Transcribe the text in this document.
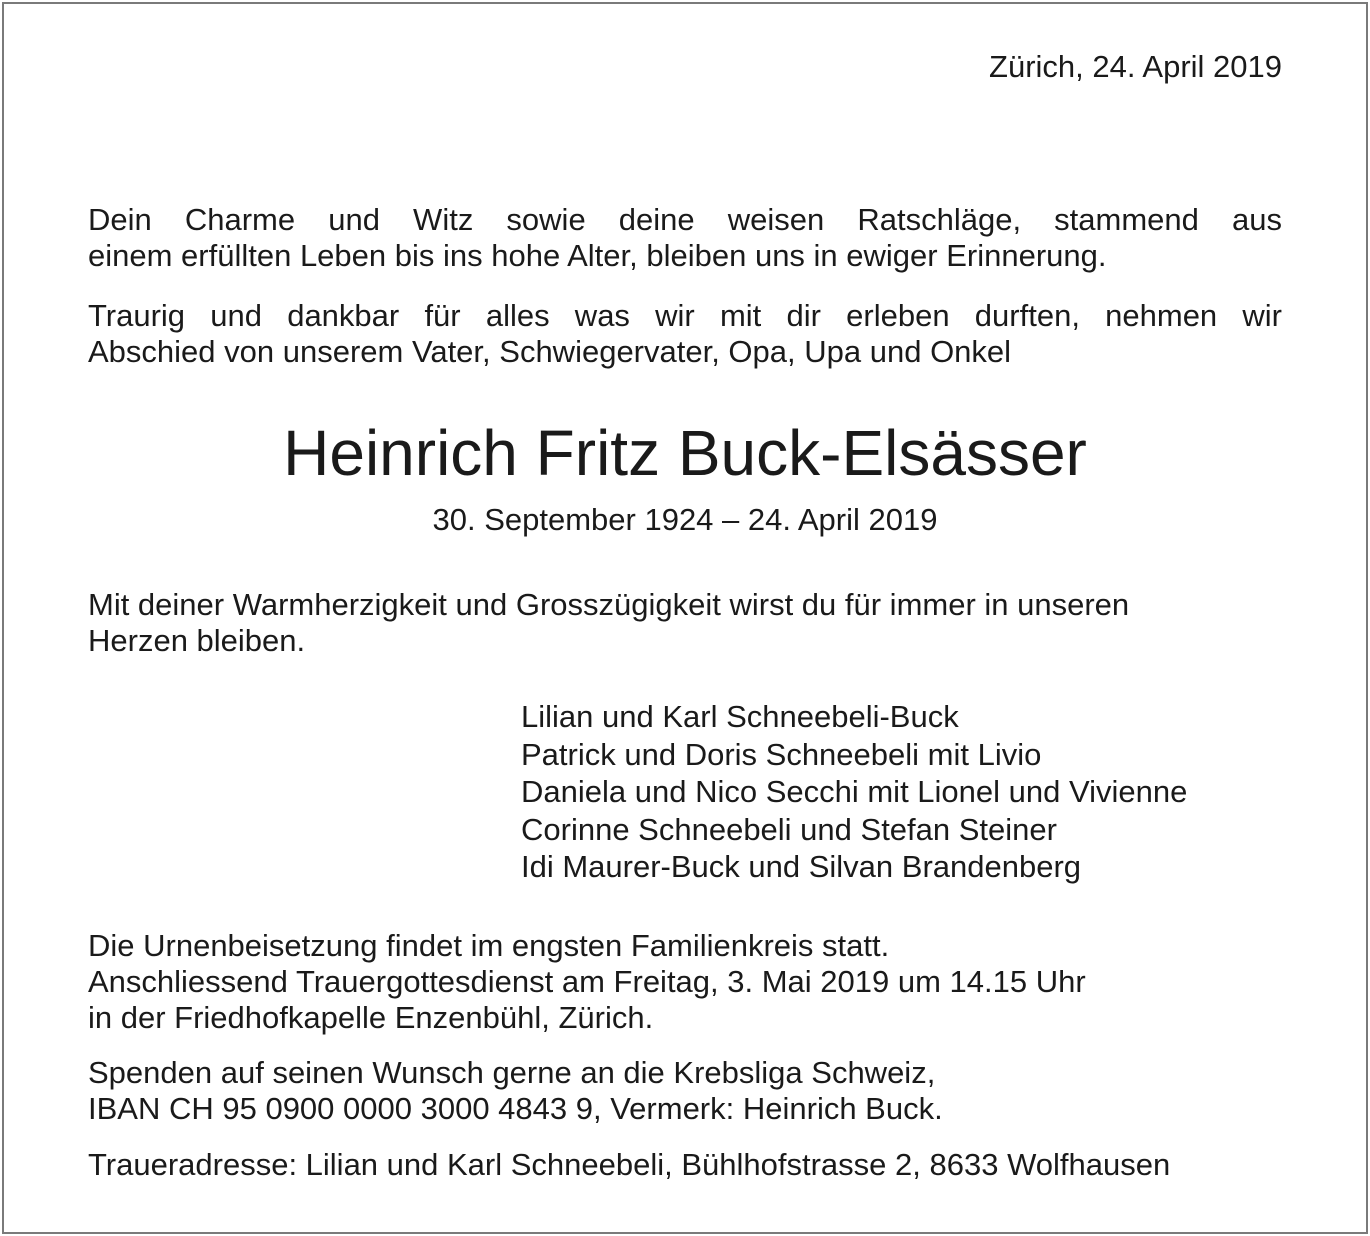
Zürich, 24. April 2019

Dein Charme und Witz sowie deine weisen Ratschläge, stammend aus

einem erfüllten Leben bis ins hohe Alter, bleiben uns in ewiger Erinnerung.

Traurig und dankbar für alles was wir mit dir erleben durften, nehmen wir

Abschied von unserem Vater, Schwiegervater, Opa, Upa und Onkel

Heinrich Fritz Buck-Elsässer

30. September 1924 – 24. April 2019

Mit deiner Warmherzigkeit und Grosszügigkeit wirst du für immer in unseren

Herzen bleiben.

Lilian und Karl Schneebeli-Buck
Patrick und Doris Schneebeli mit Livio
Daniela und Nico Secchi mit Lionel und Vivienne
Corinne Schneebeli und Stefan Steiner
Idi Maurer-Buck und Silvan Brandenberg

Die Urnenbeisetzung findet im engsten Familienkreis statt.

Anschliessend Trauergottesdienst am Freitag, 3. Mai 2019 um 14.15 Uhr

in der Friedhofkapelle Enzenbühl, Zürich.

Spenden auf seinen Wunsch gerne an die Krebsliga Schweiz,

IBAN CH 95 0900 0000 3000 4843 9, Vermerk: Heinrich Buck.

Traueradresse: Lilian und Karl Schneebeli, Bühlhofstrasse 2, 8633 Wolfhausen
